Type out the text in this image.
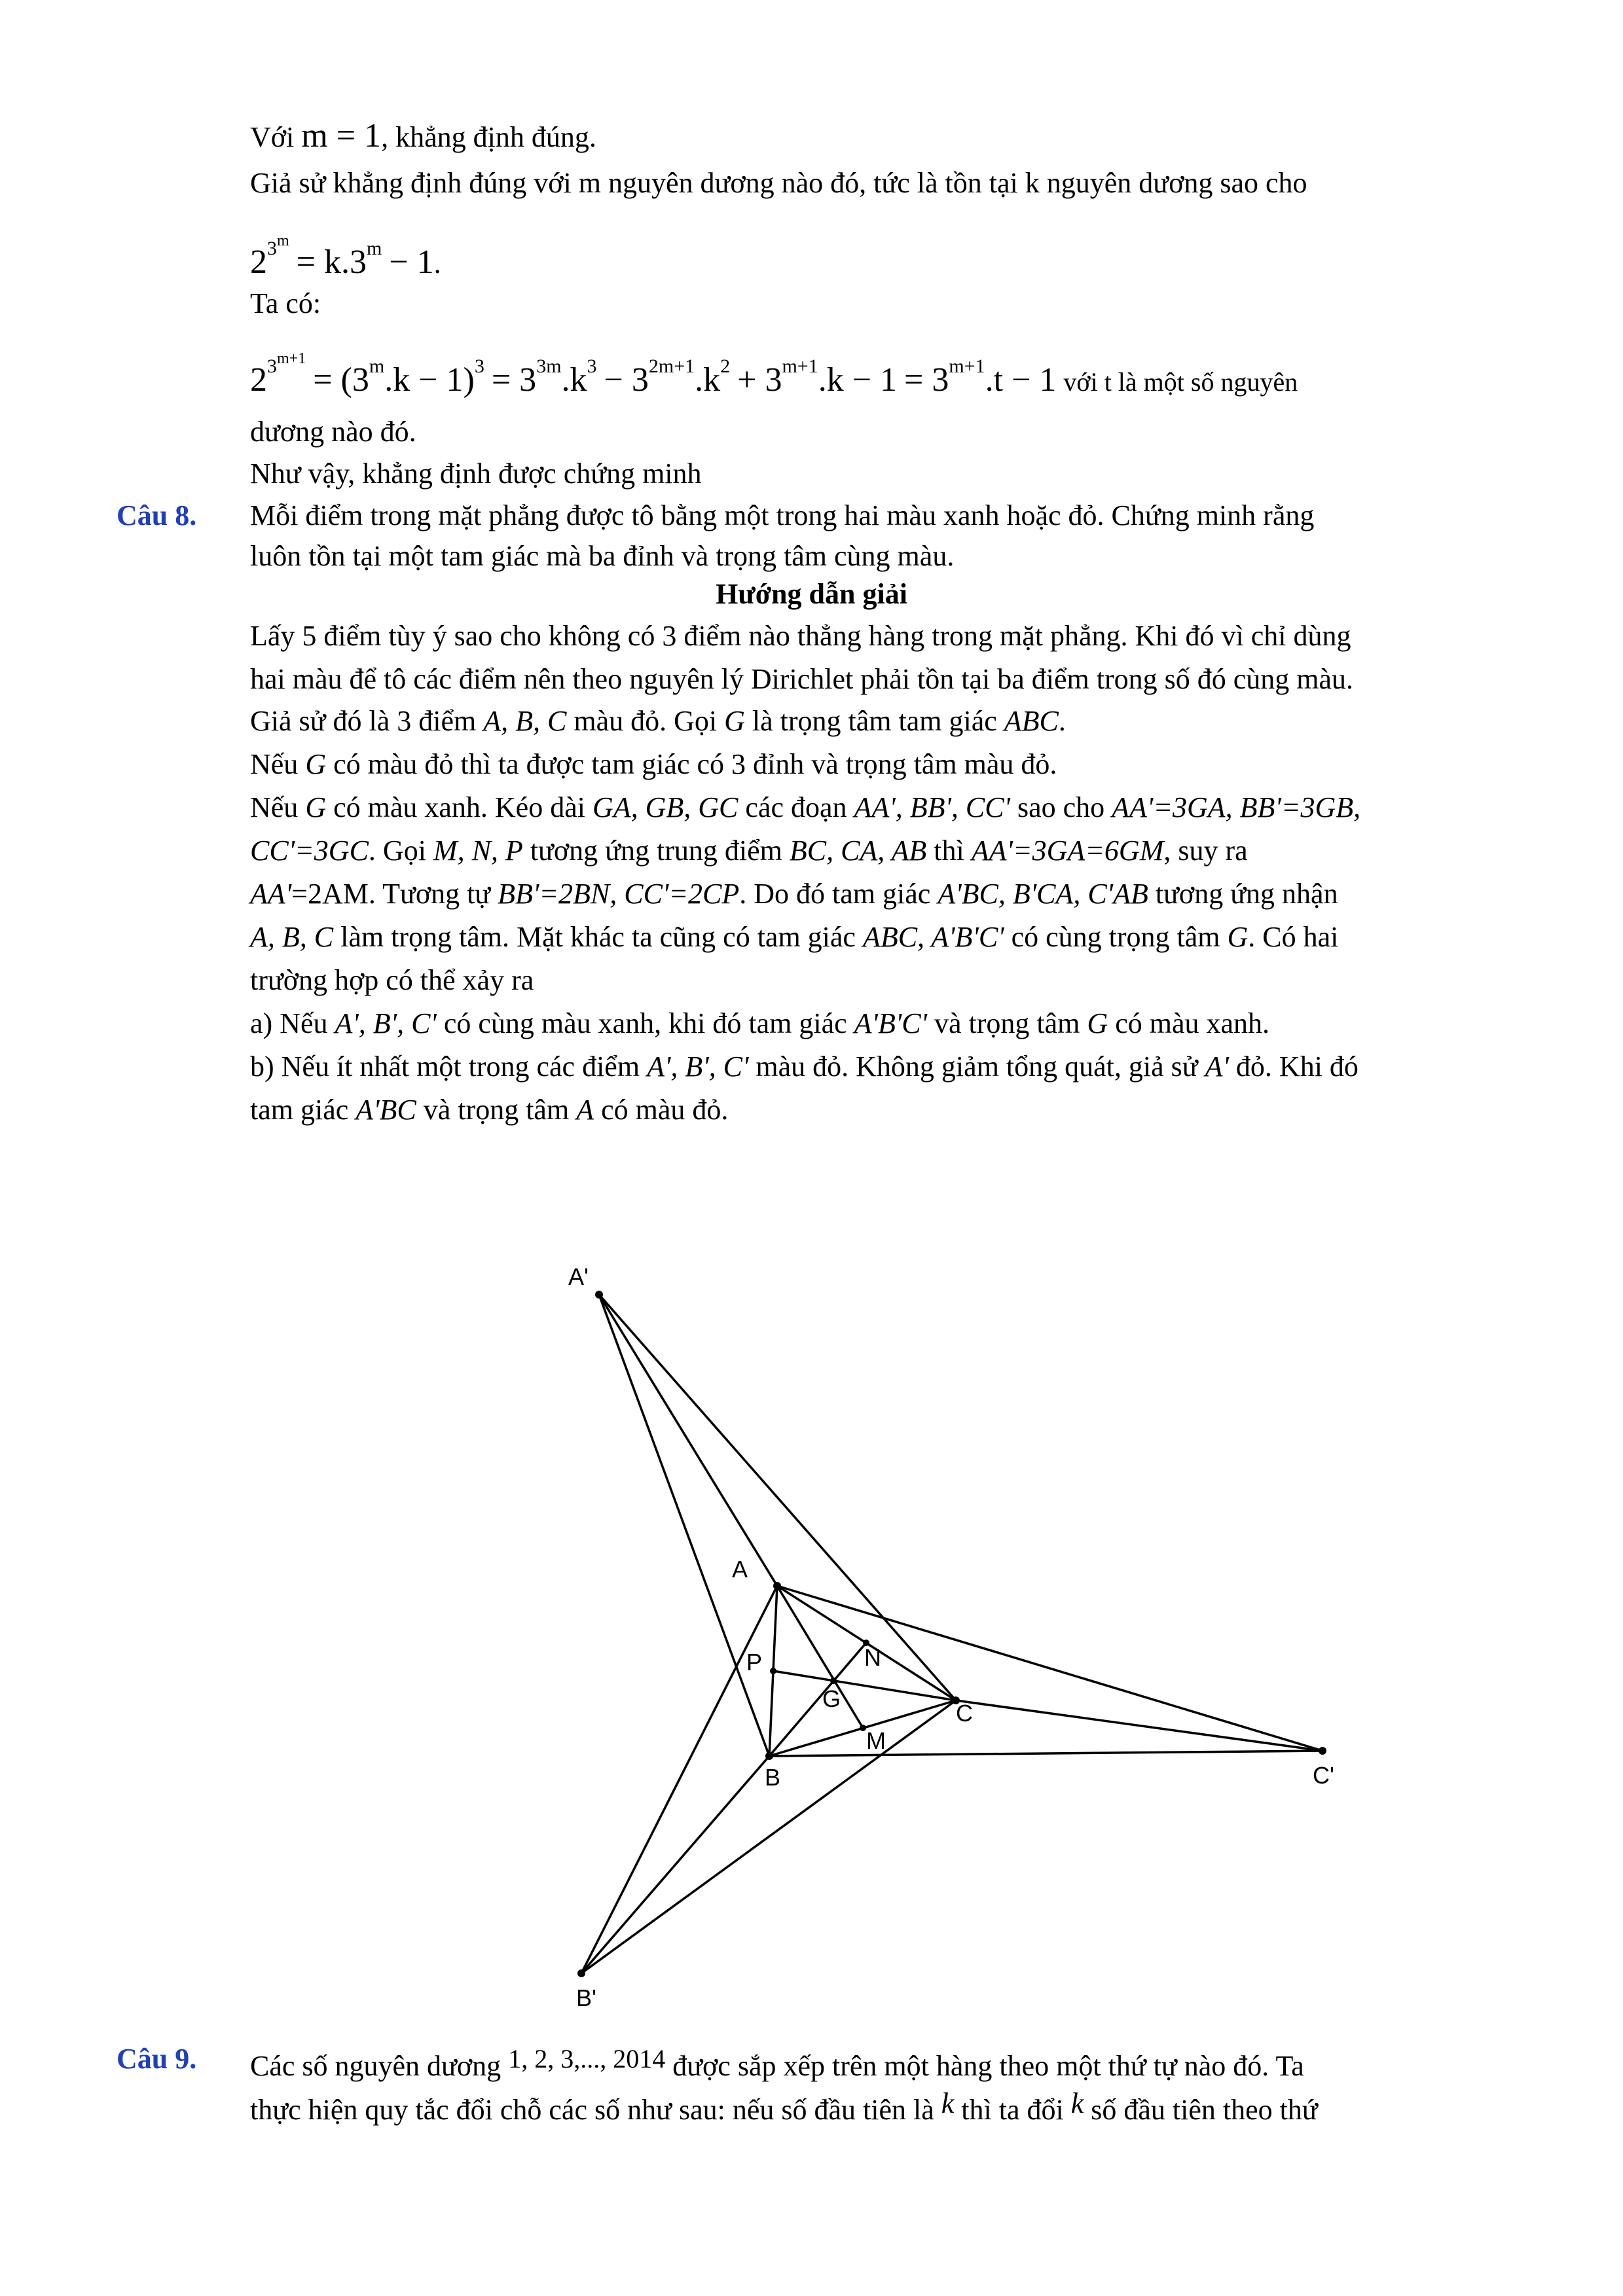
Với m = 1, khẳng định đúng.
Giả sử khẳng định đúng với m nguyên dương nào đó, tức là tồn tại k nguyên dương sao cho
$2^{3^m} = k.3^m - 1$.
Ta có:
$2^{3^{m+1}} = (3^m.k - 1)^3 = 3^{3m}.k^3 - 3^{2m+1}.k^2 + 3^{m+1}.k - 1 = 3^{m+1}.t - 1$ với t là một số nguyên
dương nào đó.
Như vậy, khẳng định được chứng minh
Câu 8. Mỗi điểm trong mặt phẳng được tô bằng một trong hai màu xanh hoặc đỏ. Chứng minh rằng
luôn tồn tại một tam giác mà ba đỉnh và trọng tâm cùng màu.
Hướng dẫn giải
Lấy 5 điểm tùy ý sao cho không có 3 điểm nào thẳng hàng trong mặt phẳng. Khi đó vì chỉ dùng
hai màu để tô các điểm nên theo nguyên lý Dirichlet phải tồn tại ba điểm trong số đó cùng màu.
Giả sử đó là 3 điểm A, B, C màu đỏ. Gọi G là trọng tâm tam giác ABC.
Nếu G có màu đỏ thì ta được tam giác có 3 đỉnh và trọng tâm màu đỏ.
Nếu G có màu xanh. Kéo dài GA, GB, GC các đoạn AA', BB', CC' sao cho AA'=3GA, BB'=3GB,
CC'=3GC. Gọi M, N, P tương ứng trung điểm BC, CA, AB thì AA'=3GA=6GM, suy ra
AA'=2AM. Tương tự BB'=2BN, CC'=2CP. Do đó tam giác A'BC, B'CA, C'AB tương ứng nhận
A, B, C làm trọng tâm. Mặt khác ta cũng có tam giác ABC, A'B'C' có cùng trọng tâm G. Có hai
trường hợp có thể xảy ra
a) Nếu A', B', C' có cùng màu xanh, khi đó tam giác A'B'C' và trọng tâm G có màu xanh.
b) Nếu ít nhất một trong các điểm A', B', C' màu đỏ. Không giảm tổng quát, giả sử A' đỏ. Khi đó
tam giác A'BC và trọng tâm A có màu đỏ.
A'
A
P	N
G
C
M
B	C'
B'
Câu 9. Các số nguyên dương 1, 2, 3,..., 2014 được sắp xếp trên một hàng theo một thứ tự nào đó. Ta
thực hiện quy tắc đổi chỗ các số như sau: nếu số đầu tiên là k thì ta đổi k số đầu tiên theo thứ
